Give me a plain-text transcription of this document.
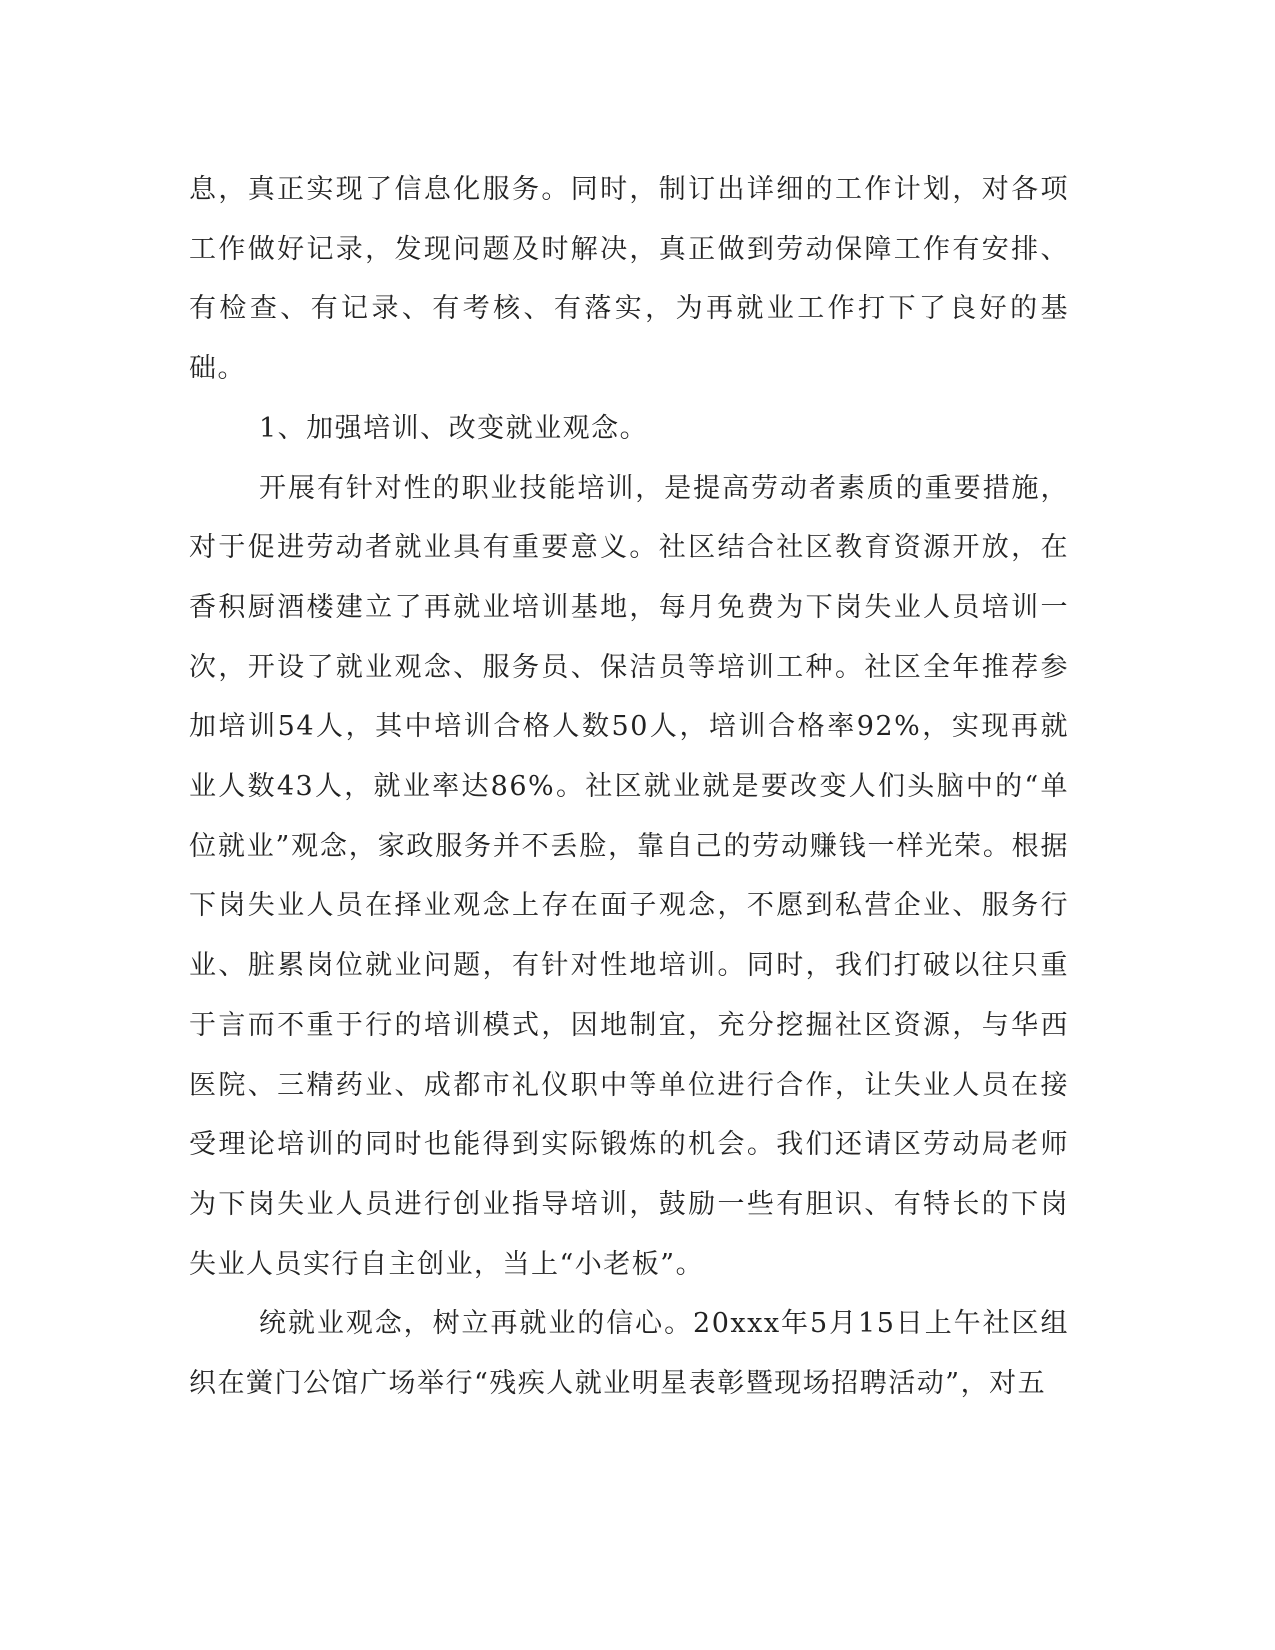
息，真正实现了信息化服务。同时，制订出详细的工作计划，对各项工作做好记录，发现问题及时解决，真正做到劳动保障工作有安排、有检查、有记录、有考核、有落实，为再就业工作打下了良好的基础。

1、加强培训、改变就业观念。

开展有针对性的职业技能培训，是提高劳动者素质的重要措施，对于促进劳动者就业具有重要意义。社区结合社区教育资源开放，在香积厨酒楼建立了再就业培训基地，每月免费为下岗失业人员培训一次，开设了就业观念、服务员、保洁员等培训工种。社区全年推荐参加培训54人，其中培训合格人数50人，培训合格率92%，实现再就业人数43人，就业率达86%。社区就业就是要改变人们头脑中的“单位就业”观念，家政服务并不丢脸，靠自己的劳动赚钱一样光荣。根据下岗失业人员在择业观念上存在面子观念，不愿到私营企业、服务行业、脏累岗位就业问题，有针对性地培训。同时，我们打破以往只重于言而不重于行的培训模式，因地制宜，充分挖掘社区资源，与华西医院、三精药业、成都市礼仪职中等单位进行合作，让失业人员在接受理论培训的同时也能得到实际锻炼的机会。我们还请区劳动局老师为下岗失业人员进行创业指导培训，鼓励一些有胆识、有特长的下岗失业人员实行自主创业，当上“小老板”。

统就业观念，树立再就业的信心。20xxx年5月15日上午社区组织在黉门公馆广场举行“残疾人就业明星表彰暨现场招聘活动”，对五
